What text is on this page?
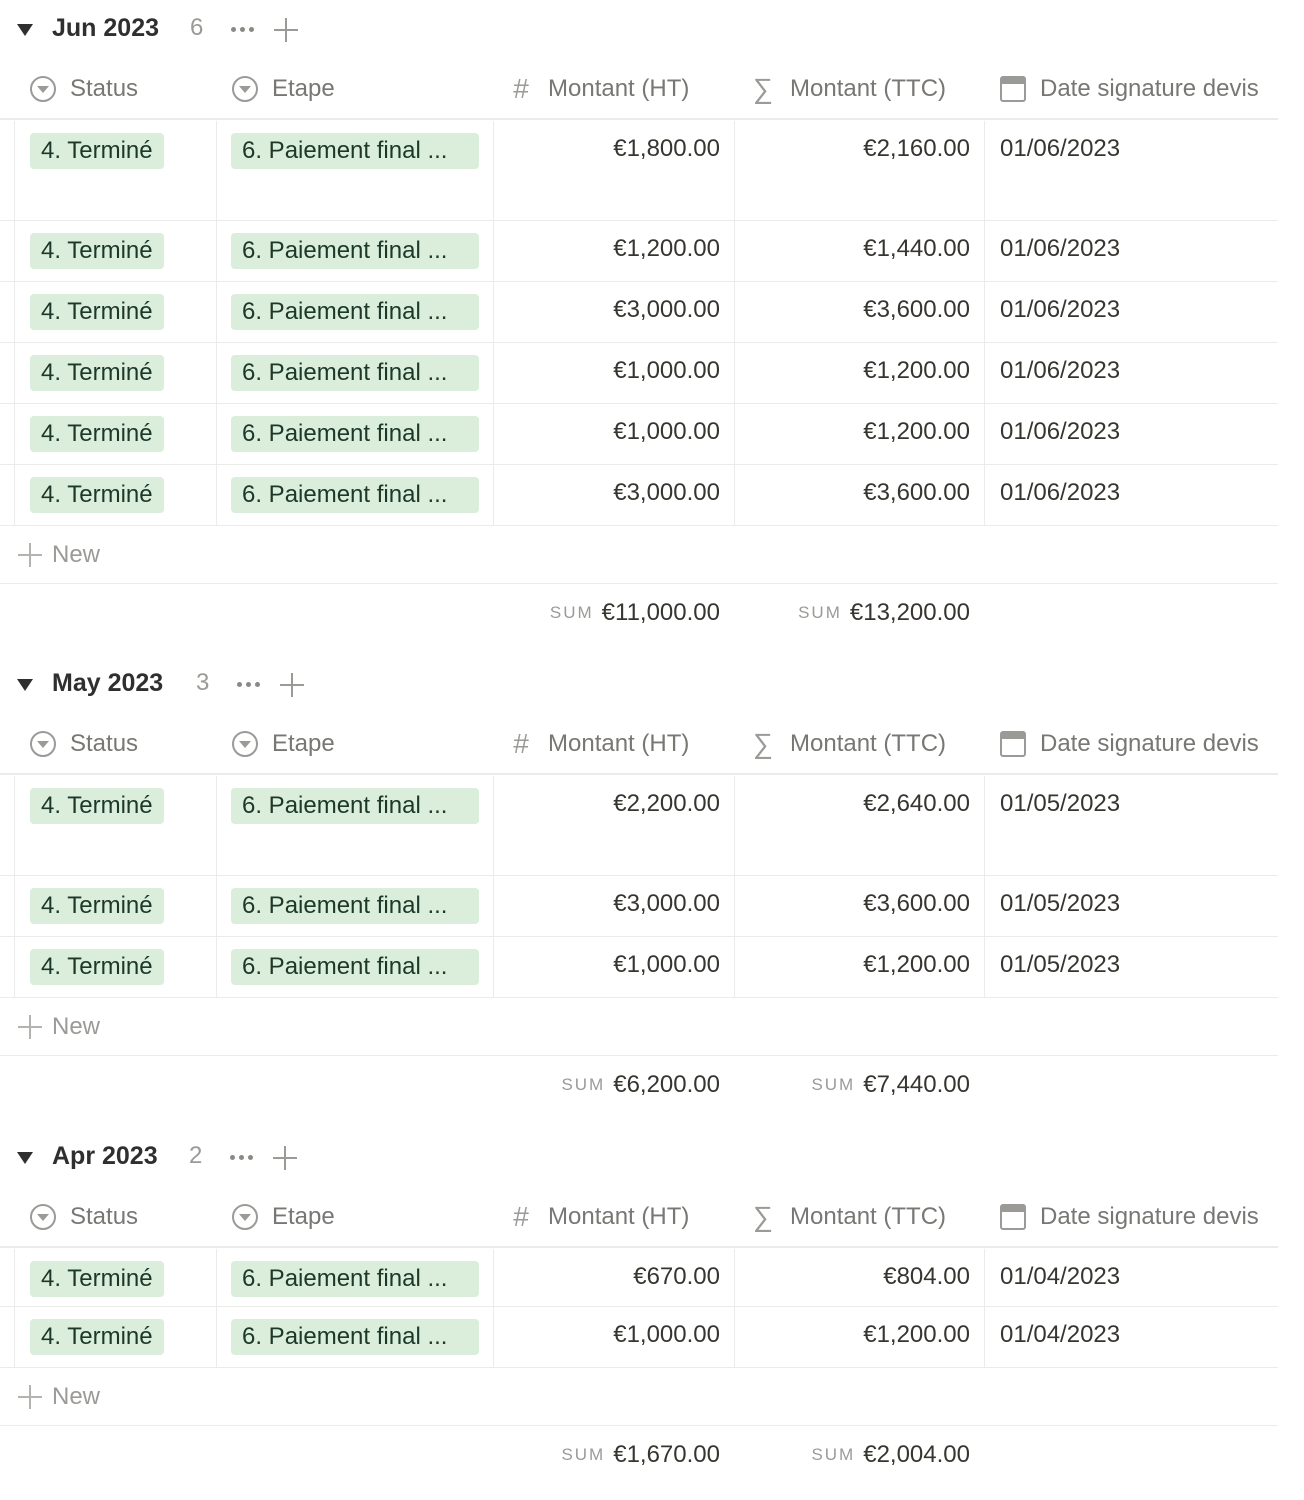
Jun 2023 6
Status	Etape	# Montant (HT) ∑ Montant (TTC)	Date signature devis
4. Terminé	6. Paiement final ...	€1,800.00	€2,160.00 01/06/2023
4. Terminé	6. Paiement final ...	€1,200.00	€1,440.00 01/06/2023
4. Terminé	6. Paiement final ...	€3,000.00	€3,600.00 01/06/2023
4. Terminé	6. Paiement final ...	€1,000.00	€1,200.00 01/06/2023
4. Terminé	6. Paiement final ...	€1,000.00	€1,200.00 01/06/2023
4. Terminé	6. Paiement final ...	€3,000.00	€3,600.00 01/06/2023
New
SUM €11,000.00	SUM €13,200.00
May 2023 3
Status	Etape	# Montant (HT) ∑ Montant (TTC)	Date signature devis
4. Terminé	6. Paiement final ...	€2,200.00	€2,640.00 01/05/2023
4. Terminé	6. Paiement final ...	€3,000.00	€3,600.00 01/05/2023
4. Terminé	6. Paiement final ...	€1,000.00	€1,200.00 01/05/2023
New
SUM €6,200.00	SUM €7,440.00
Apr 2023 2
Status	Etape	# Montant (HT) ∑ Montant (TTC)	Date signature devis
4. Terminé	6. Paiement final ...	€670.00	€804.00 01/04/2023
4. Terminé	6. Paiement final ...	€1,000.00	€1,200.00 01/04/2023
New
SUM €1,670.00	SUM €2,004.00
